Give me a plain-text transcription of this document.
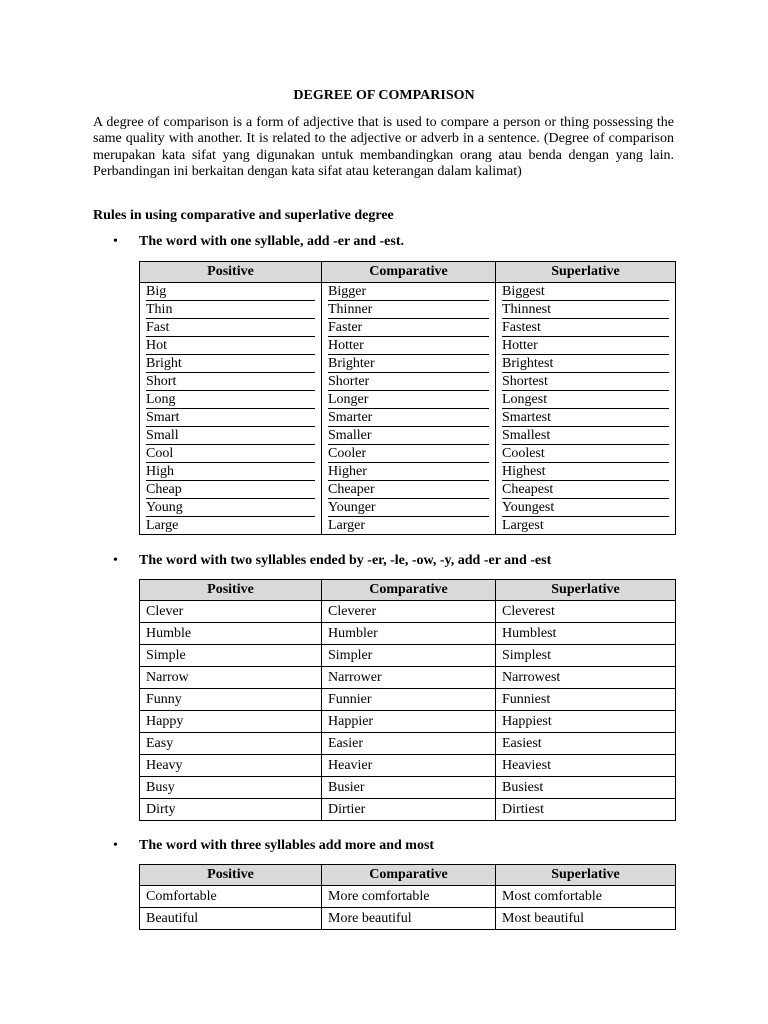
DEGREE OF COMPARISON
A degree of comparison is a form of adjective that is used to compare a person or thing possessing the same quality with another. It is related to the adjective or adverb in a sentence. (Degree of comparison merupakan kata sifat yang digunakan untuk membandingkan orang atau benda dengan yang lain. Perbandingan ini berkaitan dengan kata sifat atau keterangan dalam kalimat)
Rules in using comparative and superlative degree
• The word with one syllable, add -er and -est.
Positive	Comparative	Superlative
Big	Bigger	Biggest
Thin	Thinner	Thinnest
Fast	Faster	Fastest
Hot	Hotter	Hotter
Bright	Brighter	Brightest
Short	Shorter	Shortest
Long	Longer	Longest
Smart	Smarter	Smartest
Small	Smaller	Smallest
Cool	Cooler	Coolest
High	Higher	Highest
Cheap	Cheaper	Cheapest
Young	Younger	Youngest
Large	Larger	Largest
• The word with two syllables ended by -er, -le, -ow, -y, add -er and -est
Positive	Comparative	Superlative
Clever	Cleverer	Cleverest
Humble	Humbler	Humblest
Simple	Simpler	Simplest
Narrow	Narrower	Narrowest
Funny	Funnier	Funniest
Happy	Happier	Happiest
Easy	Easier	Easiest
Heavy	Heavier	Heaviest
Busy	Busier	Busiest
Dirty	Dirtier	Dirtiest
• The word with three syllables add more and most
Positive	Comparative	Superlative
Comfortable	More comfortable	Most comfortable
Beautiful	More beautiful	Most beautiful
